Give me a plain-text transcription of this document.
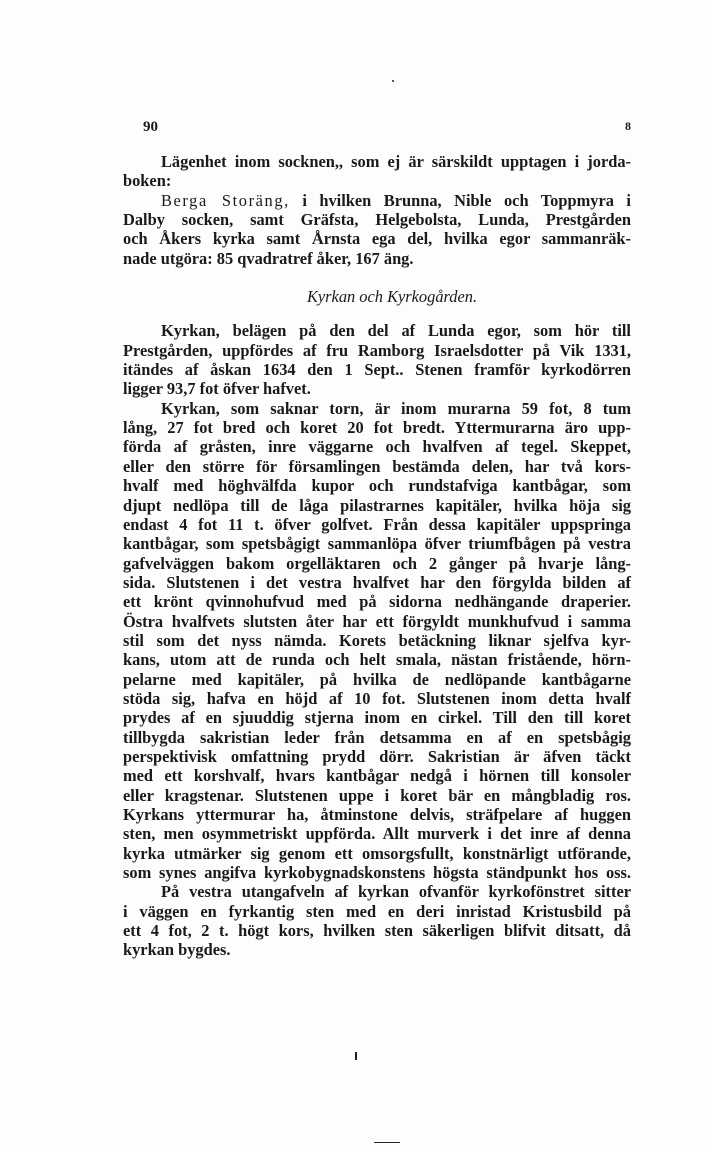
90	8
Lägenhet inom socknen,, som ej är särskildt upptagen i jorda-
boken:
Berga Storäng, i hvilken Brunna, Nible och Toppmyra i
Dalby socken, samt Gräfsta, Helgebolsta, Lunda, Prestgården
och Åkers kyrka samt Årnsta ega del, hvilka egor sammanräk-
nade utgöra: 85 qvadratref åker, 167 äng.
Kyrkan och Kyrkogården.
Kyrkan, belägen på den del af Lunda egor, som hör till
Prestgården, uppfördes af fru Ramborg Israelsdotter på Vik 1331,
itändes af åskan 1634 den 1 Sept.. Stenen framför kyrkodörren
ligger 93,7 fot öfver hafvet.
Kyrkan, som saknar torn, är inom murarna 59 fot, 8 tum
lång, 27 fot bred och koret 20 fot bredt. Yttermurarna äro upp-
förda af gråsten, inre väggarne och hvalfven af tegel. Skeppet,
eller den större för församlingen bestämda delen, har två kors-
hvalf med höghvälfda kupor och rundstafviga kantbågar, som
djupt nedlöpa till de låga pilastrarnes kapitäler, hvilka höja sig
endast 4 fot 11 t. öfver golfvet. Från dessa kapitäler uppspringa
kantbågar, som spetsbågigt sammanlöpa öfver triumfbågen på vestra
gafvelväggen bakom orgelläktaren och 2 gånger på hvarje lång-
sida. Slutstenen i det vestra hvalfvet har den förgylda bilden af
ett krönt qvinnohufvud med på sidorna nedhängande draperier.
Östra hvalfvets slutsten åter har ett förgyldt munkhufvud i samma
stil som det nyss nämda. Korets betäckning liknar sjelfva kyr-
kans, utom att de runda och helt smala, nästan fristående, hörn-
pelarne med kapitäler, på hvilka de nedlöpande kantbågarne
stöda sig, hafva en höjd af 10 fot. Slutstenen inom detta hvalf
prydes af en sjuuddig stjerna inom en cirkel. Till den till koret
tillbygda sakristian leder från detsamma en af en spetsbågig
perspektivisk omfattning prydd dörr. Sakristian är äfven täckt
med ett korshvalf, hvars kantbågar nedgå i hörnen till konsoler
eller kragstenar. Slutstenen uppe i koret bär en mångbladig ros.
Kyrkans yttermurar ha, åtminstone delvis, sträfpelare af huggen
sten, men osymmetriskt uppförda. Allt murverk i det inre af denna
kyrka utmärker sig genom ett omsorgsfullt, konstnärligt utförande,
som synes angifva kyrkobygnadskonstens högsta ständpunkt hos oss.
På vestra utangafveln af kyrkan ofvanför kyrkofönstret sitter
i väggen en fyrkantig sten med en deri inristad Kristusbild på
ett 4 fot, 2 t. högt kors, hvilken sten säkerligen blifvit ditsatt, då
kyrkan bygdes.
